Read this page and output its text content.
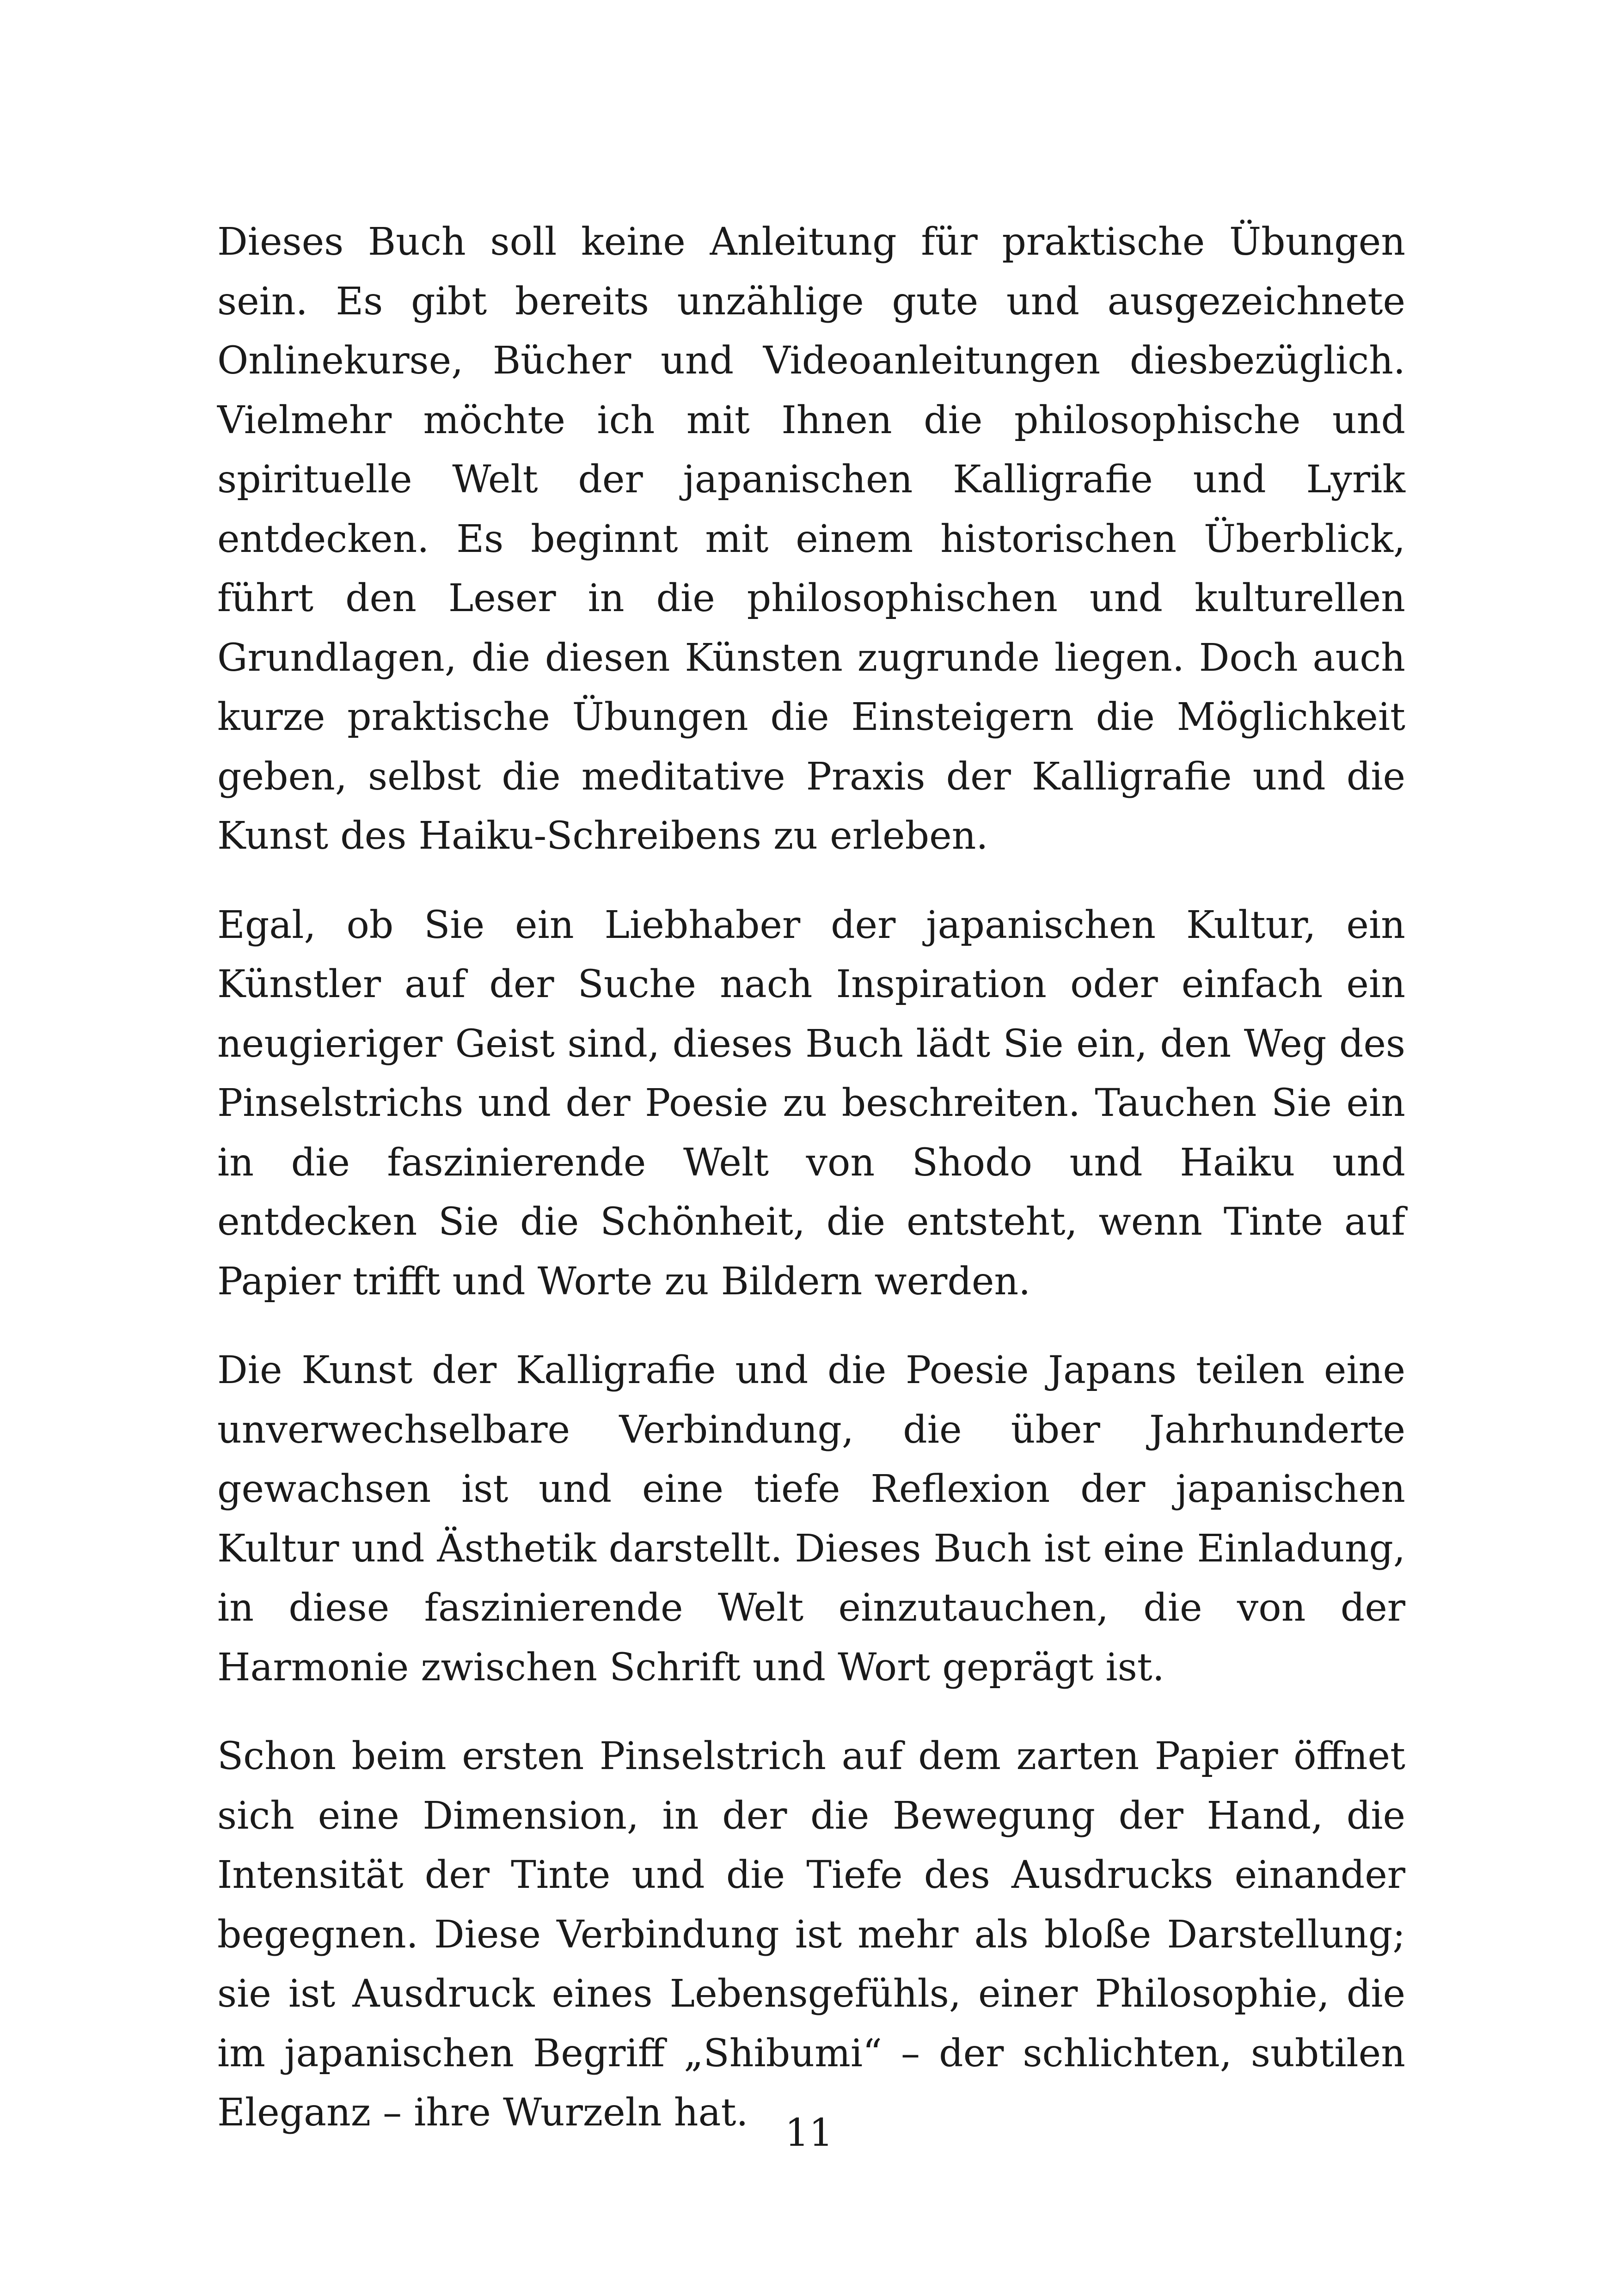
Dieses Buch soll keine Anleitung für praktische Übungen sein. Es gibt bereits unzählige gute und ausgezeichnete Onlinekurse, Bücher und Videoanleitungen diesbezüglich. Vielmehr möchte ich mit Ihnen die philosophische und spirituelle Welt der japanischen Kalligrafie und Lyrik entdecken. Es beginnt mit einem historischen Überblick, führt den Leser in die philosophischen und kulturellen Grundlagen, die diesen Künsten zugrunde liegen. Doch auch kurze praktische Übungen die Einsteigern die Möglichkeit geben, selbst die meditative Praxis der Kalligrafie und die Kunst des Haiku-Schreibens zu erleben.

Egal, ob Sie ein Liebhaber der japanischen Kultur, ein Künstler auf der Suche nach Inspiration oder einfach ein neugieriger Geist sind, dieses Buch lädt Sie ein, den Weg des Pinselstrichs und der Poesie zu beschreiten. Tauchen Sie ein in die faszinierende Welt von Shodo und Haiku und entdecken Sie die Schönheit, die entsteht, wenn Tinte auf Papier trifft und Worte zu Bildern werden.

Die Kunst der Kalligrafie und die Poesie Japans teilen eine unverwechselbare Verbindung, die über Jahrhunderte gewachsen ist und eine tiefe Reflexion der japanischen Kultur und Ästhetik darstellt. Dieses Buch ist eine Einladung, in diese faszinierende Welt einzutauchen, die von der Harmonie zwischen Schrift und Wort geprägt ist.

Schon beim ersten Pinselstrich auf dem zarten Papier öffnet sich eine Dimension, in der die Bewegung der Hand, die Intensität der Tinte und die Tiefe des Ausdrucks einander begegnen. Diese Verbindung ist mehr als bloße Darstellung; sie ist Ausdruck eines Lebensgefühls, einer Philosophie, die im japanischen Begriff „Shibumi“ – der schlichten, subtilen Eleganz – ihre Wurzeln hat. 11
